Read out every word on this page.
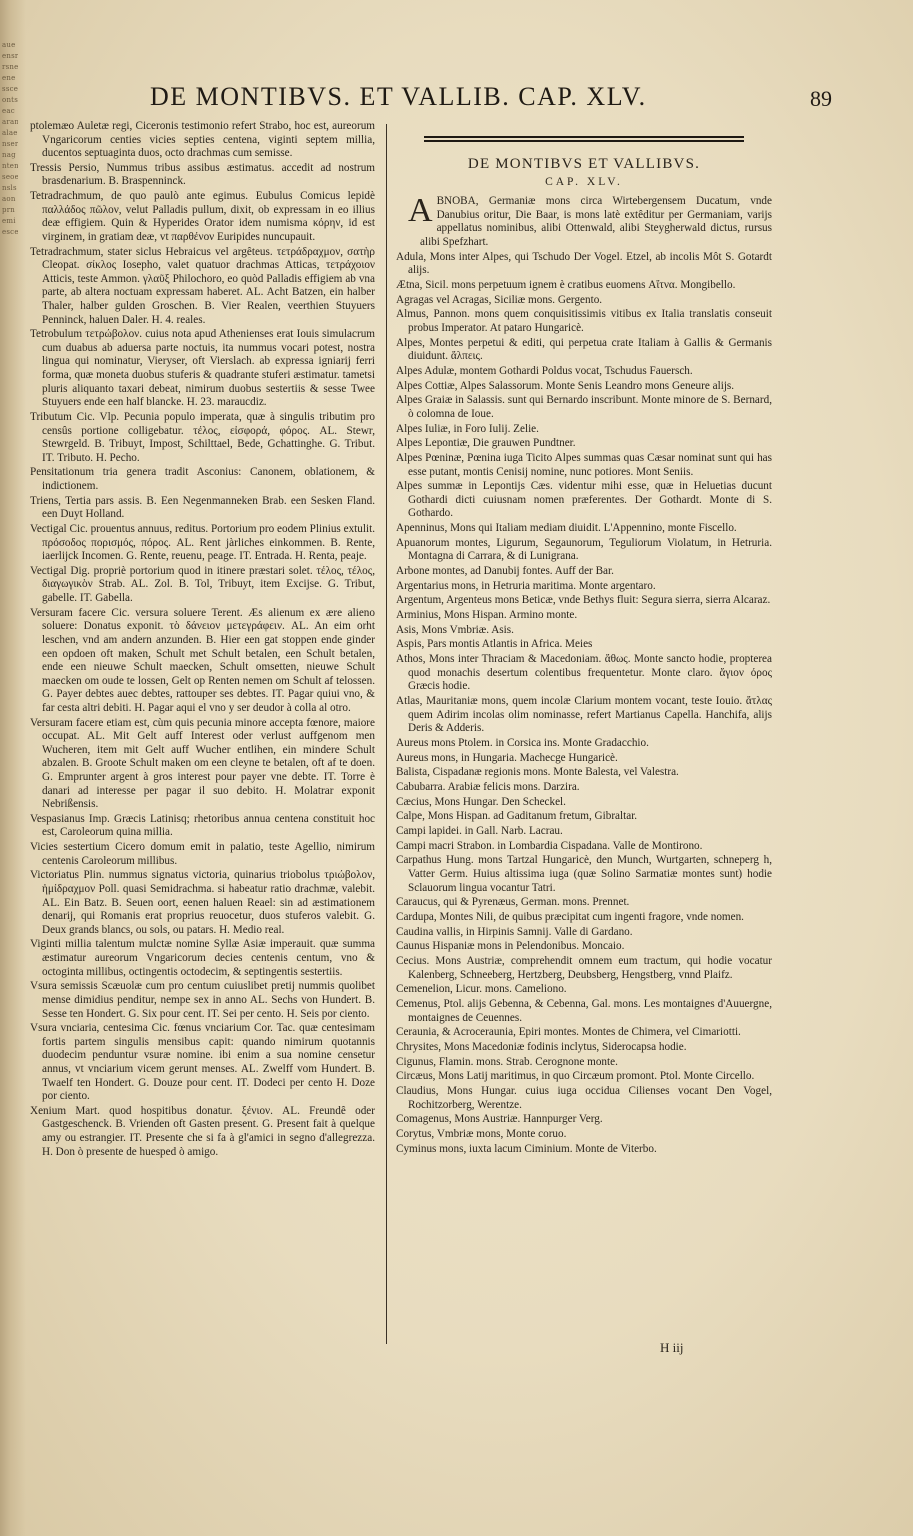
a u e e n s r r s n e e n e s s c e o n t s e a c a r a n a l a e n s e r n a g n t e n s e o e n s l s a o n p r n e m i e s c e
DE MONTIBVS. ET VALLIB. CAP. XLV.	89

ptolemæo Auletæ regi, Ciceronis testimonio refert Strabo, hoc est, aureorum Vngaricorum centies vicies septies centena, viginti septem millia, ducentos septuaginta duos, octo drachmas cum semisse.

Tressis Persio, Nummus tribus assibus æstimatus. accedit ad nostrum brasdenarium. B. Braspenninck.

Tetradrachmum, de quo paulò ante egimus. Eubulus Comicus lepidè παλλάδος πῶλον, velut Palladis pullum, dixit, ob expressam in eo illius deæ effigiem. Quin & Hyperides Orator idem numisma κόρην, id est virginem, in gratiam deæ, vt παρθένον Euripides nuncupauit.

Tetradrachmum, stater siclus Hebraicus vel argêteus. τετράδραχμον, σατὴρ Cleopat. σίκλος Iosepho, valet quatuor drachmas Atticas, τετράχοιον Atticis, teste Ammon. γλαῦξ Philochoro, eo quòd Palladis effigiem ab vna parte, ab altera noctuam expressam haberet. AL. Acht Batzen, ein halber Thaler, halber gulden Groschen. B. Vier Realen, veerthien Stuyuers Penninck, haluen Daler. H. 4. reales.

Tetrobulum τετρώβολον. cuius nota apud Athenienses erat Iouis simulacrum cum duabus ab aduersa parte noctuis, ita nummus vocari potest, nostra lingua qui nominatur, Vieryser, oft Vierslach. ab expressa igniarij ferri forma, quæ moneta duobus stuferis & quadrante stuferi æstimatur. tametsi pluris aliquanto taxari debeat, nimirum duobus sestertiis & sesse Twee Stuyuers ende een half blancke. H. 23. maraucdiz.

Tributum Cic. Vlp. Pecunia populo imperata, quæ à singulis tributim pro censûs portione colligebatur. τέλος, εἰσφορά, φόρος. AL. Stewr, Stewrgeld. B. Tribuyt, Impost, Schilttael, Bede, Gchattinghe. G. Tribut. IT. Tributo. H. Pecho.

Pensitationum tria genera tradit Asconius: Canonem, oblationem, & indictionem.

Triens, Tertia pars assis. B. Een Negenmanneken Brab. een Sesken Fland. een Duyt Holland.

Vectigal Cic. prouentus annuus, reditus. Portorium pro eodem Plinius extulit. πρόσοδος πορισμός, πόρος. AL. Rent jàrliches einkommen. B. Rente, iaerlijck Incomen. G. Rente, reuenu, peage. IT. Entrada. H. Renta, peaje.

Vectigal Dig. propriè portorium quod in itinere præstari solet. τέλος, τέλος, διαγωγικὸν Strab. AL. Zol. B. Tol, Tribuyt, item Excijse. G. Tribut, gabelle. IT. Gabella.

Versuram facere Cic. versura soluere Terent. Æs alienum ex ære alieno soluere: Donatus exponit. τὸ δάνειον μετεγράφειν. AL. An eim orht leschen, vnd am andern anzunden. B. Hier een gat stoppen ende ginder een opdoen oft maken, Schult met Schult betalen, een Schult betalen, ende een nieuwe Schult maecken, Schult omsetten, nieuwe Schult maecken om oude te lossen, Gelt op Renten nemen om Schult af telossen. G. Payer debtes auec debtes, rattouper ses debtes. IT. Pagar quiui vno, & far cesta altri debiti. H. Pagar aqui el vno y ser deudor à colla al otro.

Versuram facere etiam est, cùm quis pecunia minore accepta fœnore, maiore occupat. AL. Mit Gelt auff Interest oder verlust auffgenom men Wucheren, item mit Gelt auff Wucher entlihen, ein mindere Schult abzalen. B. Groote Schult maken om een cleyne te betalen, oft af te doen. G. Emprunter argent à gros interest pour payer vne debte. IT. Torre è danari ad interesse per pagar il suo debito. H. Molatrar exponit Nebrißensis.

Vespasianus Imp. Græcis Latinisq; rhetoribus annua centena constituit hoc est, Caroleorum quina millia.

Vicies sestertium Cicero domum emit in palatio, teste Agellio, nimirum centenis Caroleorum millibus.

Victoriatus Plin. nummus signatus victoria, quinarius triobolus τριώβολον, ἡμίδραχμον Poll. quasi Semidrachma. si habeatur ratio drachmæ, valebit. AL. Ein Batz. B. Seuen oort, eenen haluen Reael: sin ad æstimationem denarij, qui Romanis erat proprius reuocetur, duos stuferos valebit. G. Deux grands blancs, ou sols, ou patars. H. Medio real.

Viginti millia talentum mulctæ nomine Syllæ Asiæ imperauit. quæ summa æstimatur aureorum Vngaricorum decies centenis centum, vno & octoginta millibus, octingentis octodecim, & septingentis sestertiis.

Vsura semissis Scæuolæ cum pro centum cuiuslibet pretij nummis quolibet mense dimidius penditur, nempe sex in anno AL. Sechs von Hundert. B. Sesse ten Hondert. G. Six pour cent. IT. Sei per cento. H. Seis por ciento.

Vsura vnciaria, centesima Cic. fœnus vnciarium Cor. Tac. quæ centesimam fortis partem singulis mensibus capit: quando nimirum quotannis duodecim penduntur vsuræ nomine. ibi enim a sua nomine censetur annus, vt vnciarium vicem gerunt menses. AL. Zwelff vom Hundert. B. Twaelf ten Hondert. G. Douze pour cent. IT. Dodeci per cento H. Doze por ciento.

Xenium Mart. quod hospitibus donatur. ξένιον. AL. Freundê oder Gastgeschenck. B. Vrienden oft Gasten present. G. Present fait à quelque amy ou estrangier. IT. Presente che si fa à gl'amici in segno d'allegrezza. H. Don ò presente de huesped ò amigo.

DE MONTIBVS ET VALLIBVS.
CAP. XLV.

ABNOBA, Germaniæ mons circa Wirtebergensem Ducatum, vnde Danubius oritur, Die Baar, is mons latè extêditur per Germaniam, varijs appellatus nominibus, alibi Ottenwald, alibi Steygherwald dictus, rursus alibi Spefzhart.

Adula, Mons inter Alpes, qui Tschudo Der Vogel. Etzel, ab incolis Môt S. Gotardt alijs.

Ætna, Sicil. mons perpetuum ignem è cratibus euomens Αἴτνα. Mongibello.

Agragas vel Acragas, Siciliæ mons. Gergento.

Almus, Pannon. mons quem conquisitissimis vitibus ex Italia translatis conseuit probus Imperator. At pataro Hungaricè.

Alpes, Montes perpetui & editi, qui perpetua crate Italiam à Gallis & Germanis diuidunt. ἄλπεις.

Alpes Adulæ, montem Gothardi Poldus vocat, Tschudus Fauersch.

Alpes Cottiæ, Alpes Salassorum. Monte Senis Leandro mons Geneure alijs.

Alpes Graiæ in Salassis. sunt qui Bernardo inscribunt. Monte minore de S. Bernard, ò colomna de Ioue.

Alpes Iuliæ, in Foro Iulij. Zelie.

Alpes Lepontiæ, Die grauwen Pundtner.

Alpes Pœninæ, Pœnina iuga Ticito Alpes summas quas Cæsar nominat sunt qui has esse putant, montis Cenisij nomine, nunc potiores. Mont Seniis.

Alpes summæ in Lepontijs Cæs. videntur mihi esse, quæ in Heluetias ducunt Gothardi dicti cuiusnam nomen præferentes. Der Gothardt. Monte di S. Gothardo.

Apenninus, Mons qui Italiam mediam diuidit. L'Appennino, monte Fiscello.

Apuanorum montes, Ligurum, Segaunorum, Teguliorum Violatum, in Hetruria. Montagna di Carrara, & di Lunigrana.

Arbone montes, ad Danubij fontes. Auff der Bar.

Argentarius mons, in Hetruria maritima. Monte argentaro.

Argentum, Argenteus mons Beticæ, vnde Bethys fluit: Segura sierra, sierra Alcaraz.

Arminius, Mons Hispan. Armino monte.

Asis, Mons Vmbriæ. Asis.

Aspis, Pars montis Atlantis in Africa. Meies

Athos, Mons inter Thraciam & Macedoniam. ἄθως. Monte sancto hodie, propterea quod monachis desertum colentibus frequentetur. Monte claro. ἅγιον όρος Græcis hodie.

Atlas, Mauritaniæ mons, quem incolæ Clarium montem vocant, teste Iouio. ἄτλας quem Adirim incolas olim nominasse, refert Martianus Capella. Hanchifa, alijs Deris & Adderis.

Aureus mons Ptolem. in Corsica ins. Monte Gradacchio.

Aureus mons, in Hungaria. Machecge Hungaricè.

Balista, Cispadanæ regionis mons. Monte Balesta, vel Valestra.

Cabubarra. Arabiæ felicis mons. Darzira.

Cæcius, Mons Hungar. Den Scheckel.

Calpe, Mons Hispan. ad Gaditanum fretum, Gibraltar.

Campi lapidei. in Gall. Narb. Lacrau.

Campi macri Strabon. in Lombardia Cispadana. Valle de Montirono.

Carpathus Hung. mons Tartzal Hungaricè, den Munch, Wurtgarten, schneperg h, Vatter Germ. Huius altissima iuga (quæ Solino Sarmatiæ montes sunt) hodie Sclauorum lingua vocantur Tatri.

Caraucus, qui & Pyrenæus, German. mons. Prennet.

Cardupa, Montes Nili, de quibus præcipitat cum ingenti fragore, vnde nomen.

Caudina vallis, in Hirpinis Samnij. Valle di Gardano.

Caunus Hispaniæ mons in Pelendonibus. Moncaio.

Cecius. Mons Austriæ, comprehendit omnem eum tractum, qui hodie vocatur Kalenberg, Schneeberg, Hertzberg, Deubsberg, Hengstberg, vnnd Plaifz.

Cemenelion, Licur. mons. Cameliono.

Cemenus, Ptol. alijs Gebenna, & Cebenna, Gal. mons. Les montaignes d'Auuergne, montaignes de Ceuennes.

Ceraunia, & Acroceraunia, Epiri montes. Montes de Chimera, vel Cimariotti.

Chrysites, Mons Macedoniæ fodinis inclytus, Siderocapsa hodie.

Cigunus, Flamin. mons. Strab. Cerognone monte.

Circæus, Mons Latij maritimus, in quo Circæum promont. Ptol. Monte Circello.

Claudius, Mons Hungar. cuius iuga occidua Cilienses vocant Den Vogel, Rochitzorberg, Werentze.

Comagenus, Mons Austriæ. Hannpurger Verg.

Corytus, Vmbriæ mons, Monte coruo.

Cyminus mons, iuxta lacum Ciminium. Monte de Viterbo.

H iij
